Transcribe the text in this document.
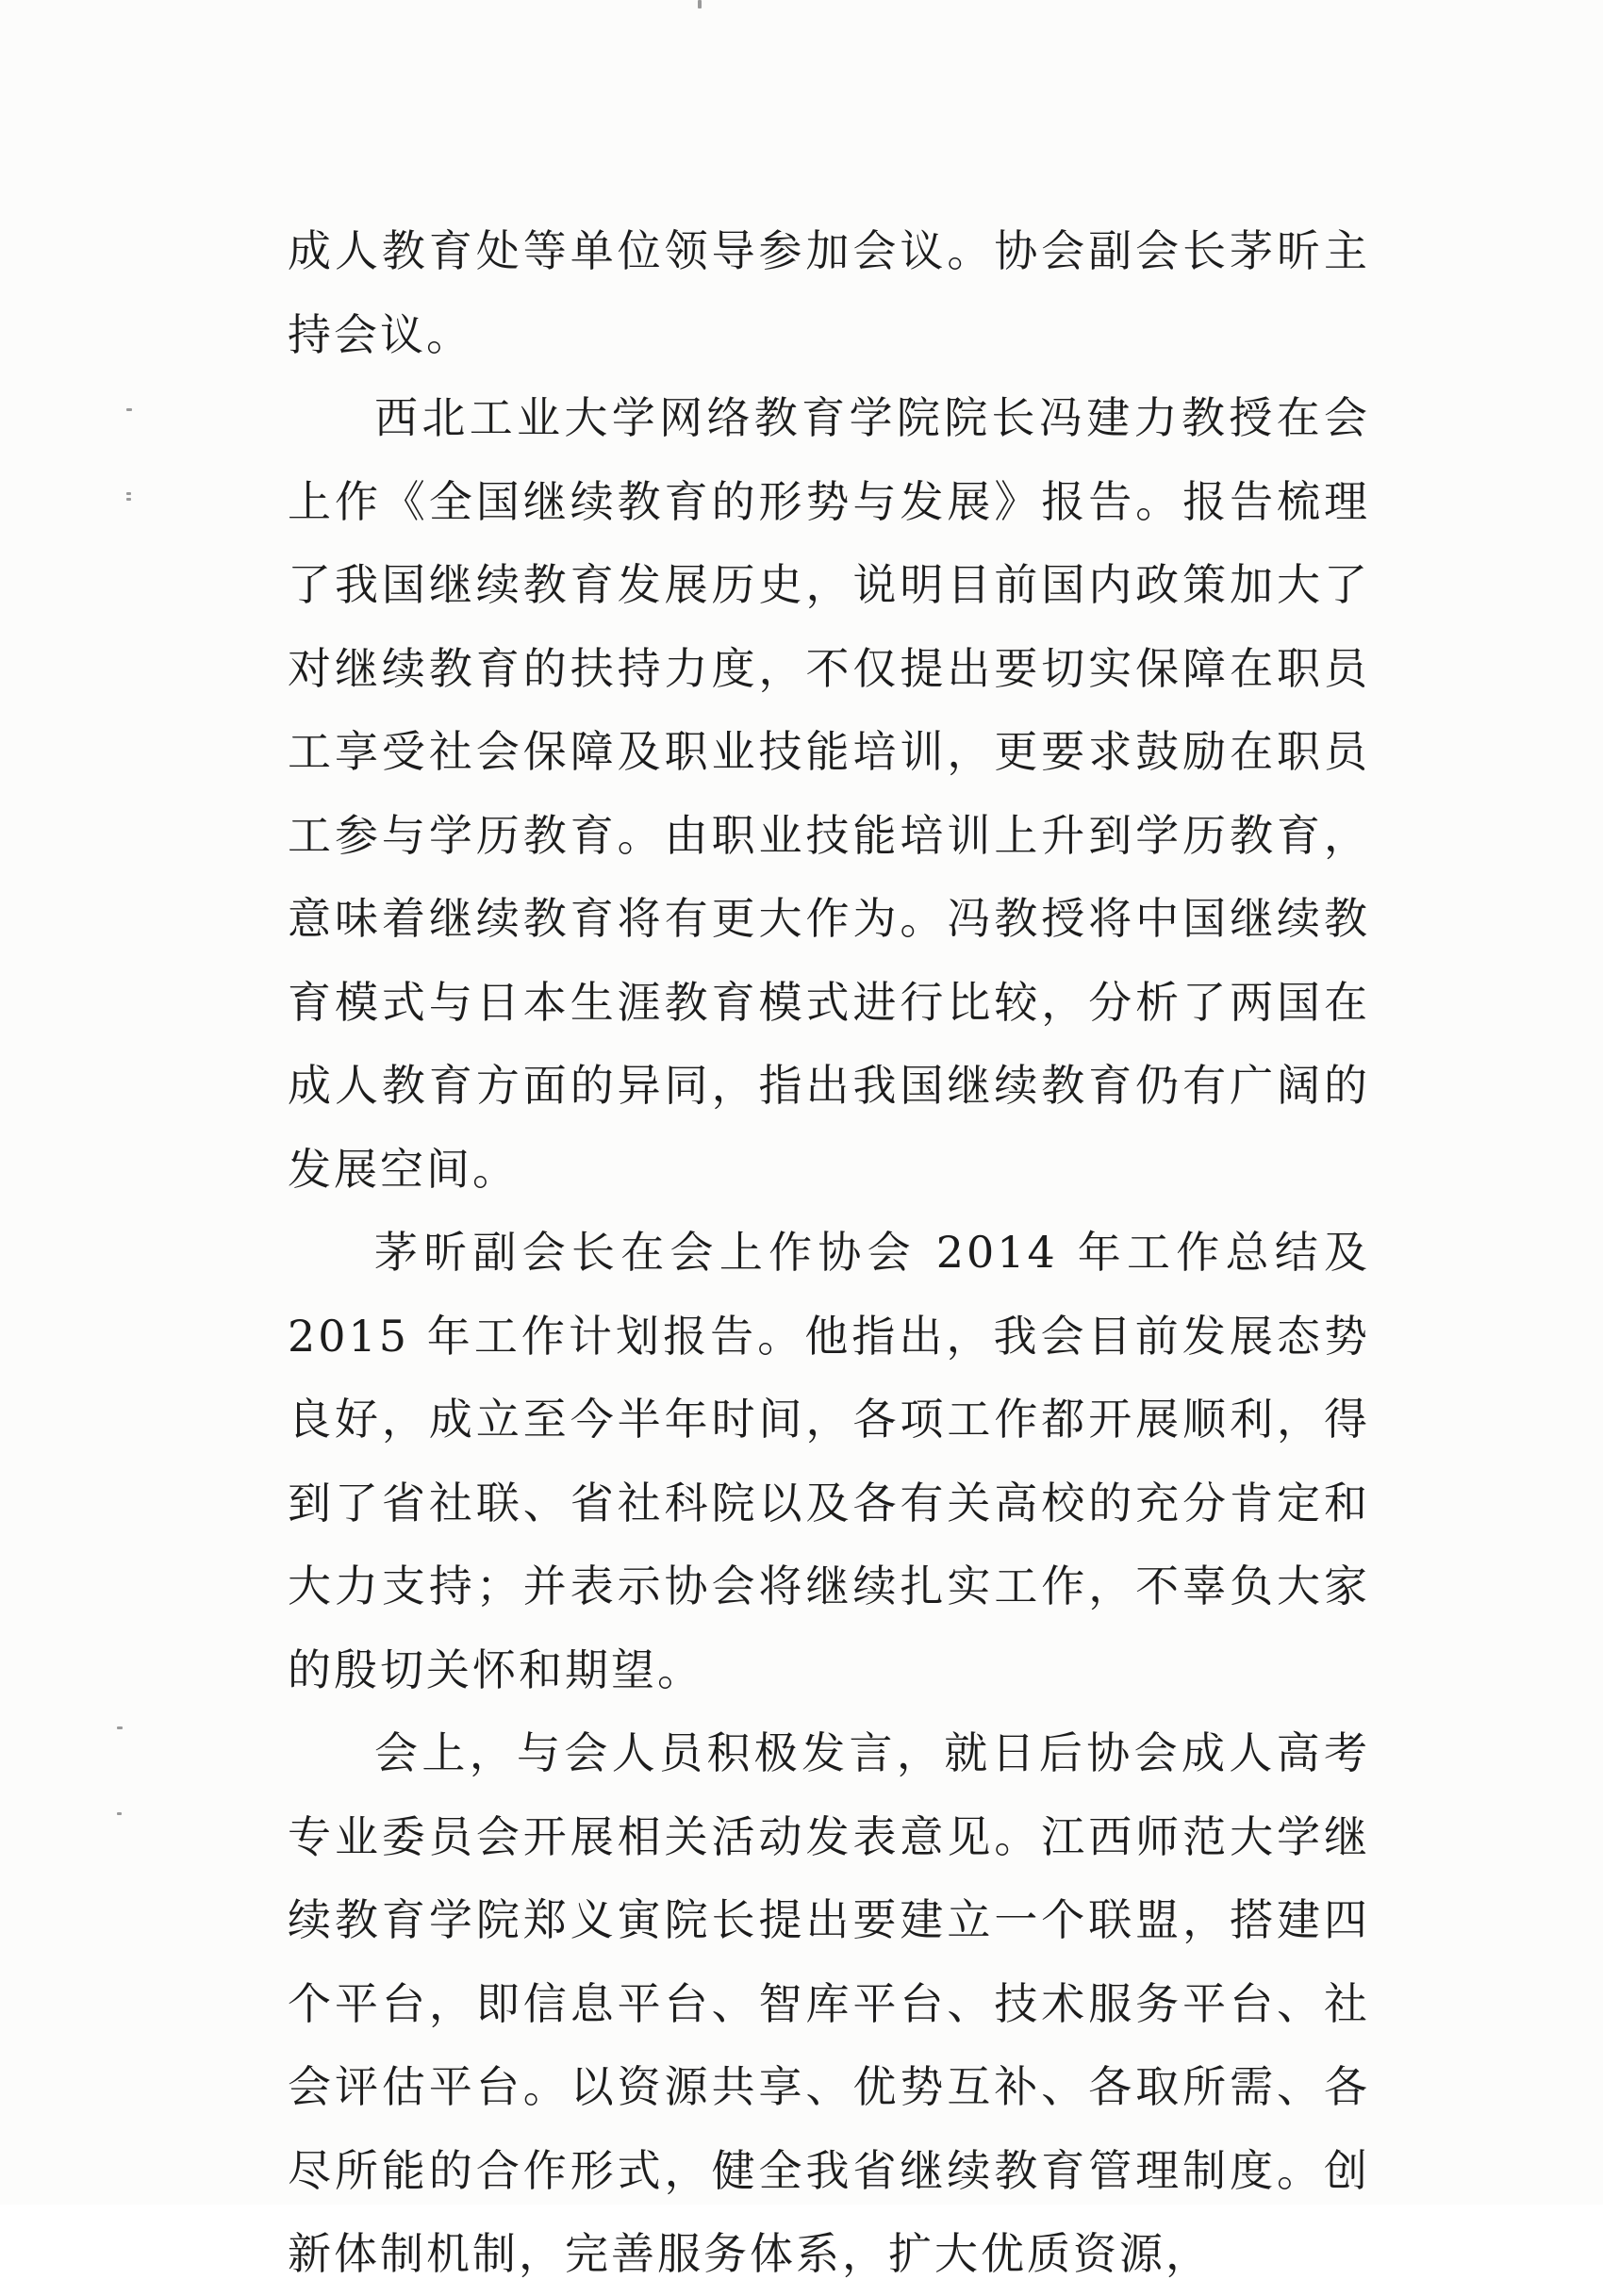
成人教育处等单位领导参加会议。协会副会长茅昕主持会议。

西北工业大学网络教育学院院长冯建力教授在会上作《全国继续教育的形势与发展》报告。报告梳理了我国继续教育发展历史，说明目前国内政策加大了对继续教育的扶持力度，不仅提出要切实保障在职员工享受社会保障及职业技能培训，更要求鼓励在职员工参与学历教育。由职业技能培训上升到学历教育，意味着继续教育将有更大作为。冯教授将中国继续教育模式与日本生涯教育模式进行比较，分析了两国在成人教育方面的异同，指出我国继续教育仍有广阔的发展空间。

茅昕副会长在会上作协会 2014 年工作总结及 2015 年工作计划报告。他指出，我会目前发展态势良好，成立至今半年时间，各项工作都开展顺利，得到了省社联、省社科院以及各有关高校的充分肯定和大力支持；并表示协会将继续扎实工作，不辜负大家的殷切关怀和期望。

会上，与会人员积极发言，就日后协会成人高考专业委员会开展相关活动发表意见。江西师范大学继续教育学院郑义寅院长提出要建立一个联盟，搭建四个平台，即信息平台、智库平台、技术服务平台、社会评估平台。以资源共享、优势互补、各取所需、各尽所能的合作形式，健全我省继续教育管理制度。创新体制机制，完善服务体系，扩大优质资源，
